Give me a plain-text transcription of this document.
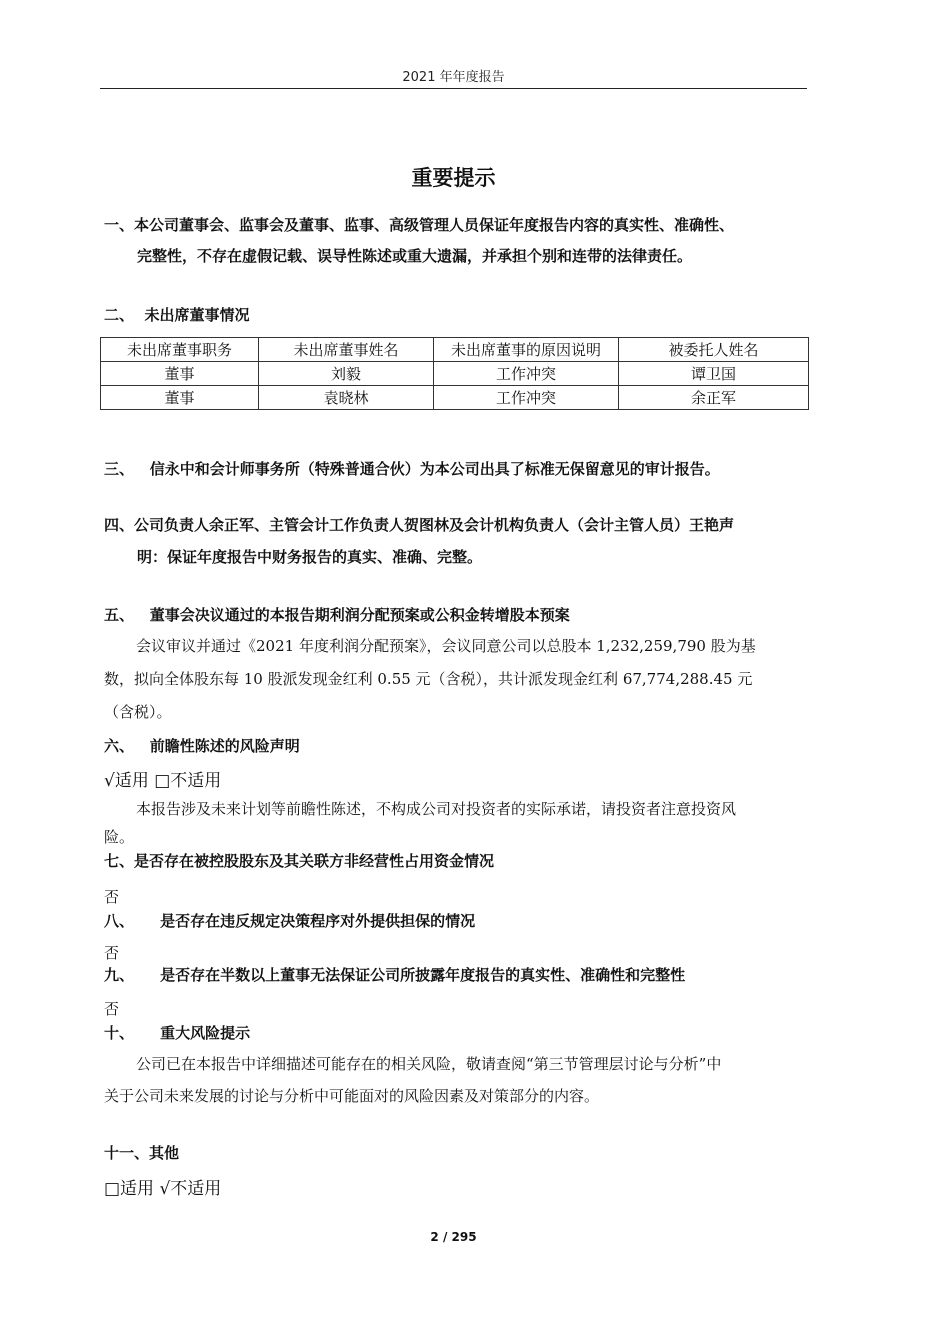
2021 年年度报告
重要提示
一、本公司董事会、监事会及董事、监事、高级管理人员保证年度报告内容的真实性、准确性、
完整性，不存在虚假记载、误导性陈述或重大遗漏，并承担个别和连带的法律责任。
二、 未出席董事情况
未出席董事职务	未出席董事姓名	未出席董事的原因说明	被委托人姓名
董事	刘毅	工作冲突	谭卫国
董事	袁晓林	工作冲突	余正军
三、 信永中和会计师事务所（特殊普通合伙）为本公司出具了标准无保留意见的审计报告。
四、公司负责人余正军、主管会计工作负责人贺图林及会计机构负责人（会计主管人员）王艳声
明：保证年度报告中财务报告的真实、准确、完整。
五、 董事会决议通过的本报告期利润分配预案或公积金转增股本预案
会议审议并通过《2021 年度利润分配预案》，会议同意公司以总股本 1,232,259,790 股为基
数，拟向全体股东每 10 股派发现金红利 0.55 元（含税），共计派发现金红利 67,774,288.45 元
（含税）。
六、 前瞻性陈述的风险声明
√适用 □不适用
本报告涉及未来计划等前瞻性陈述，不构成公司对投资者的实际承诺，请投资者注意投资风
险。
七、是否存在被控股股东及其关联方非经营性占用资金情况
否
八、 是否存在违反规定决策程序对外提供担保的情况
否
九、 是否存在半数以上董事无法保证公司所披露年度报告的真实性、准确性和完整性
否
十、 重大风险提示
公司已在本报告中详细描述可能存在的相关风险，敬请查阅“第三节管理层讨论与分析”中
关于公司未来发展的讨论与分析中可能面对的风险因素及对策部分的内容。
十一、其他
□适用 √不适用
2 / 295
